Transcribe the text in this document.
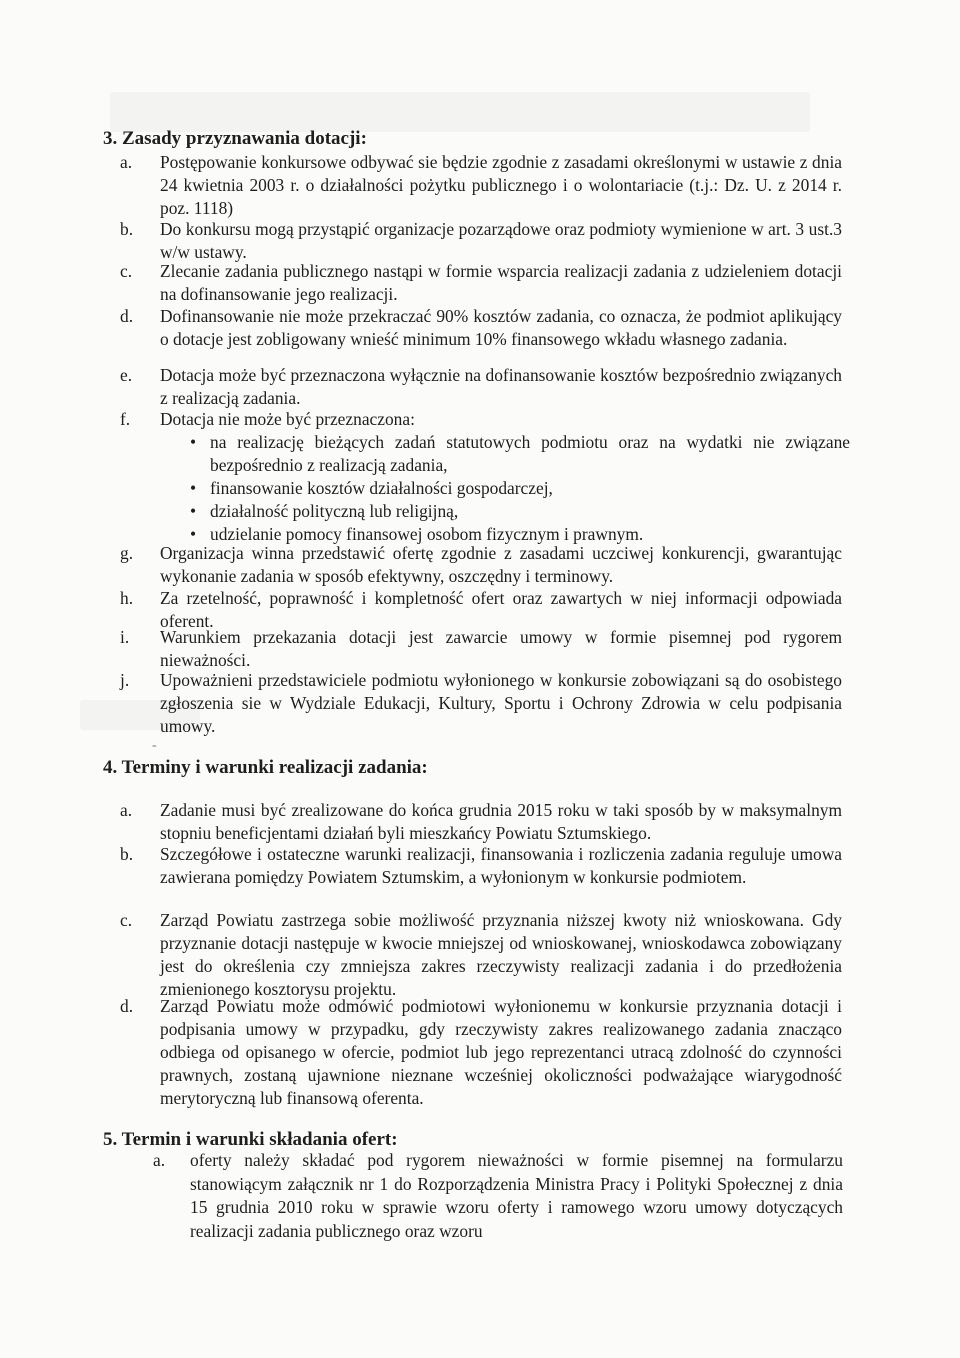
3. Zasady przyznawania dotacji:
a.	Postępowanie konkursowe odbywać sie będzie zgodnie z zasadami określonymi w ustawie z dnia 24 kwietnia 2003 r. o działalności pożytku publicznego i o wolontariacie (t.j.: Dz. U. z 2014 r. poz. 1118)
b.	Do konkursu mogą przystąpić organizacje pozarządowe oraz podmioty wymienione w art. 3 ust.3 w/w ustawy.
c.	Zlecanie zadania publicznego nastąpi w formie wsparcia realizacji zadania z udzieleniem dotacji na dofinansowanie jego realizacji.
d.	Dofinansowanie nie może przekraczać 90% kosztów zadania, co oznacza, że podmiot aplikujący o dotacje jest zobligowany wnieść minimum 10% finansowego wkładu własnego zadania.
e.	Dotacja może być przeznaczona wyłącznie na dofinansowanie kosztów bezpośrednio związanych z realizacją zadania.
f.	Dotacja nie może być przeznaczona:
• na realizację bieżących zadań statutowych podmiotu oraz na wydatki nie związane bezpośrednio z realizacją zadania,
• finansowanie kosztów działalności gospodarczej,
• działalność polityczną lub religijną,
• udzielanie pomocy finansowej osobom fizycznym i prawnym.
g.	Organizacja winna przedstawić ofertę zgodnie z zasadami uczciwej konkurencji, gwarantując wykonanie zadania w sposób efektywny, oszczędny i terminowy.
h.	Za rzetelność, poprawność i kompletność ofert oraz zawartych w niej informacji odpowiada oferent.
i.	Warunkiem przekazania dotacji jest zawarcie umowy w formie pisemnej pod rygorem nieważności.
j.	Upoważnieni przedstawiciele podmiotu wyłonionego w konkursie zobowiązani są do osobistego zgłoszenia sie w Wydziale Edukacji, Kultury, Sportu i Ochrony Zdrowia w celu podpisania umowy.
-
4. Terminy i warunki realizacji zadania:
a.	Zadanie musi być zrealizowane do końca grudnia 2015 roku w taki sposób by w maksymalnym stopniu beneficjentami działań byli mieszkańcy Powiatu Sztumskiego.
b.	Szczegółowe i ostateczne warunki realizacji, finansowania i rozliczenia zadania reguluje umowa zawierana pomiędzy Powiatem Sztumskim, a wyłonionym w konkursie podmiotem.
c.	Zarząd Powiatu zastrzega sobie możliwość przyznania niższej kwoty niż wnioskowana. Gdy przyznanie dotacji następuje w kwocie mniejszej od wnioskowanej, wnioskodawca zobowiązany jest do określenia czy zmniejsza zakres rzeczywisty realizacji zadania i do przedłożenia zmienionego kosztorysu projektu.
d.	Zarząd Powiatu może odmówić podmiotowi wyłonionemu w konkursie przyznania dotacji i podpisania umowy w przypadku, gdy rzeczywisty zakres realizowanego zadania znacząco odbiega od opisanego w ofercie, podmiot lub jego reprezentanci utracą zdolność do czynności prawnych, zostaną ujawnione nieznane wcześniej okoliczności podważające wiarygodność merytoryczną lub finansową oferenta.
5. Termin i warunki składania ofert:
a. oferty należy składać pod rygorem nieważności w formie pisemnej na formularzu stanowiącym załącznik nr 1 do Rozporządzenia Ministra Pracy i Polityki Społecznej z dnia 15 grudnia 2010 roku w sprawie wzoru oferty i ramowego wzoru umowy dotyczących realizacji zadania publicznego oraz wzoru
